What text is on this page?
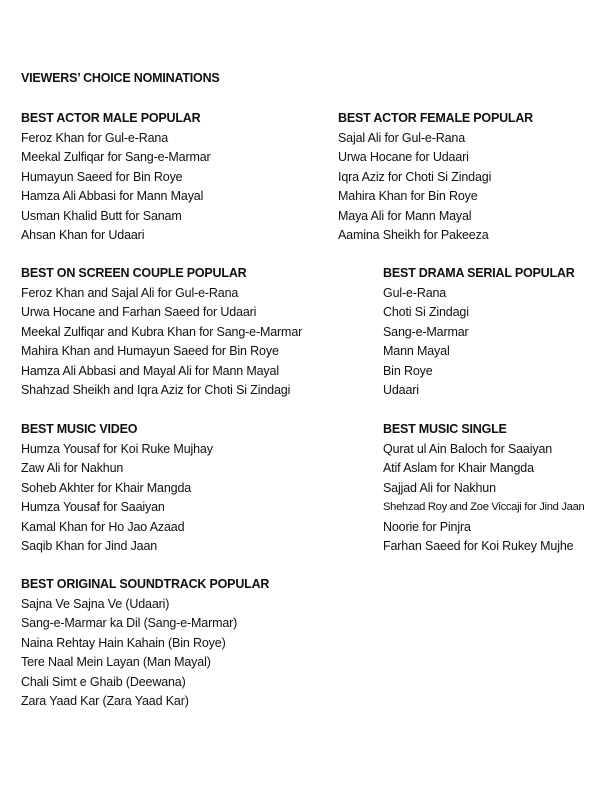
VIEWERS’ CHOICE NOMINATIONS
BEST ACTOR MALE POPULAR
Feroz Khan for Gul-e-Rana
Meekal Zulfiqar for Sang-e-Marmar
Humayun Saeed for Bin Roye
Hamza Ali Abbasi for Mann Mayal
Usman Khalid Butt for Sanam
Ahsan Khan for Udaari
BEST ACTOR FEMALE POPULAR
Sajal Ali for Gul-e-Rana
Urwa Hocane for Udaari
Iqra Aziz for Choti Si Zindagi
Mahira Khan for Bin Roye
Maya Ali for Mann Mayal
Aamina Sheikh for Pakeeza
BEST ON SCREEN COUPLE POPULAR
Feroz Khan and Sajal Ali for Gul-e-Rana
Urwa Hocane and Farhan Saeed for Udaari
Meekal Zulfiqar and Kubra Khan for Sang-e-Marmar
Mahira Khan and Humayun Saeed for Bin Roye
Hamza Ali Abbasi and Mayal Ali for Mann Mayal
Shahzad Sheikh and Iqra Aziz for Choti Si Zindagi
BEST DRAMA SERIAL POPULAR
Gul-e-Rana
Choti Si Zindagi
Sang-e-Marmar
Mann Mayal
Bin Roye
Udaari
BEST MUSIC VIDEO
Humza Yousaf for Koi Ruke Mujhay
Zaw Ali for Nakhun
Soheb Akhter for Khair Mangda
Humza Yousaf for Saaiyan
Kamal Khan for Ho Jao Azaad
Saqib Khan for Jind Jaan
BEST MUSIC SINGLE
Qurat ul Ain Baloch for Saaiyan
Atif Aslam for Khair Mangda
Sajjad Ali for Nakhun
Shehzad Roy and Zoe Viccaji for Jind Jaan
Noorie for Pinjra
Farhan Saeed for Koi Rukey Mujhe
BEST ORIGINAL SOUNDTRACK POPULAR
Sajna Ve Sajna Ve (Udaari)
Sang-e-Marmar ka Dil (Sang-e-Marmar)
Naina Rehtay Hain Kahain (Bin Roye)
Tere Naal Mein Layan (Man Mayal)
Chali Simt e Ghaib (Deewana)
Zara Yaad Kar (Zara Yaad Kar)
